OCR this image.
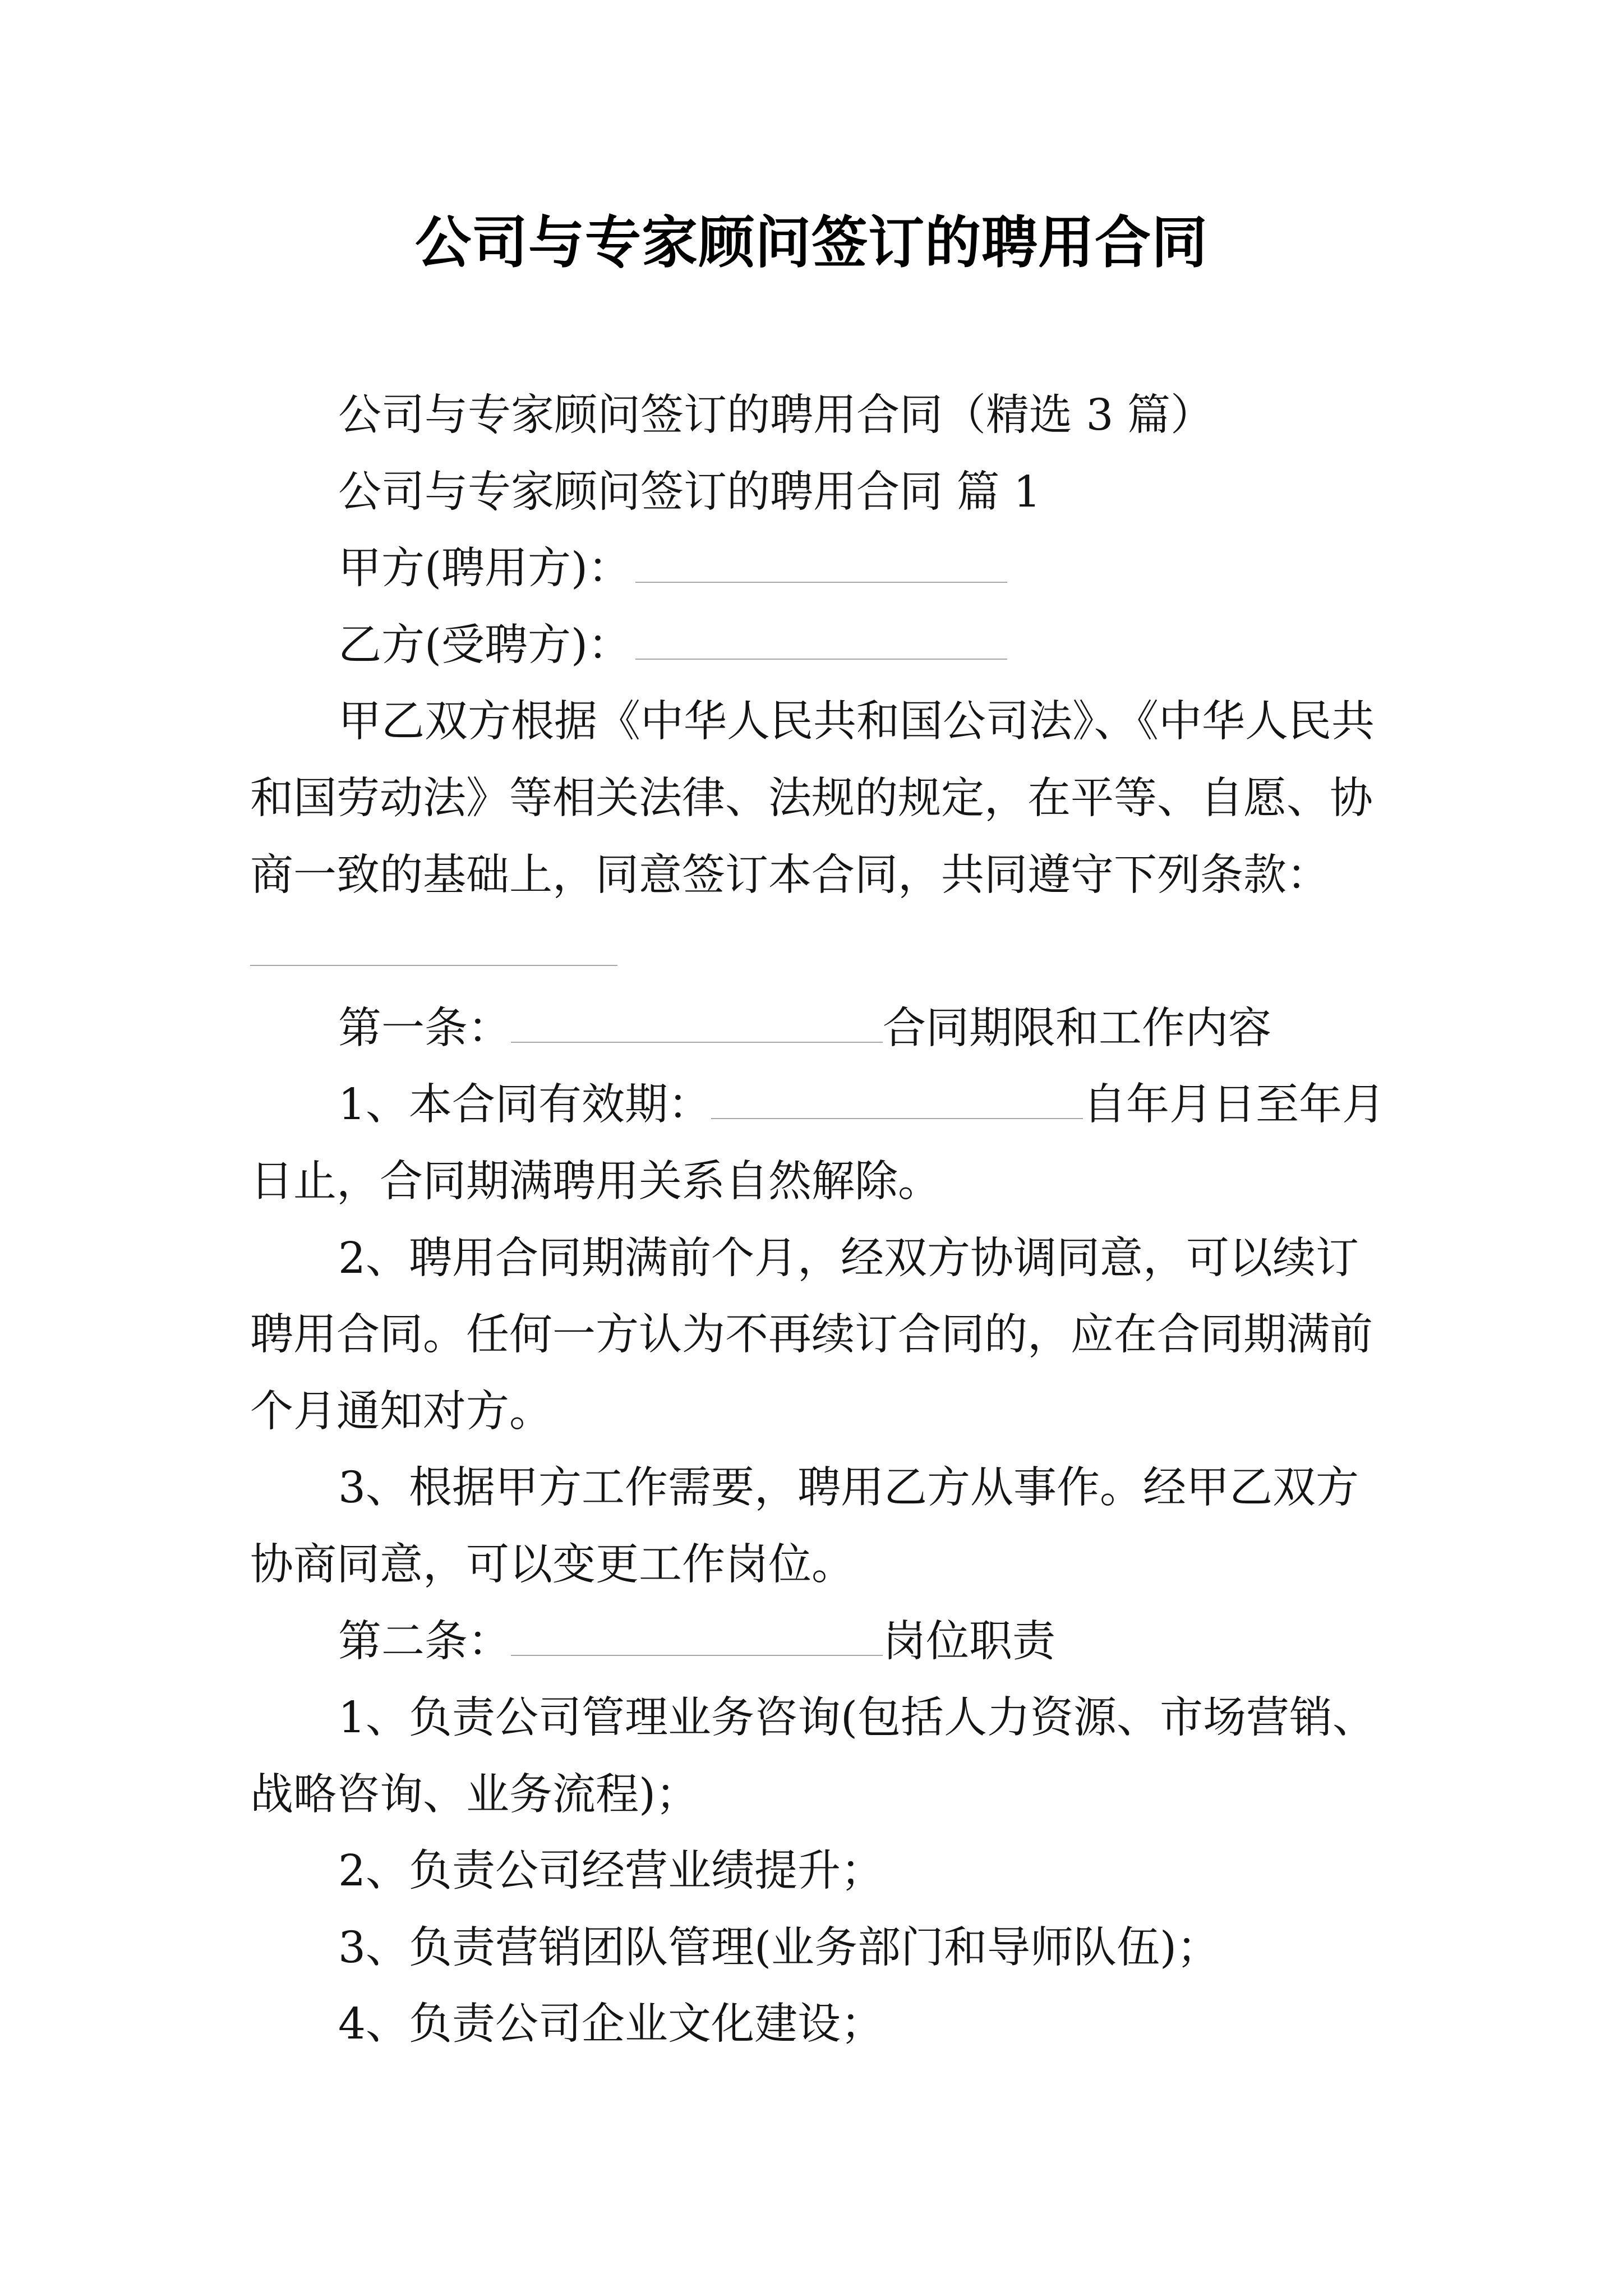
公司与专家顾问签订的聘用合同
公司与专家顾问签订的聘用合同（精选 3 篇）
公司与专家顾问签订的聘用合同 篇 1
甲方(聘用方)：
乙方(受聘方)：
甲乙双方根据《中华人民共和国公司法》、《中华人民共
和国劳动法》等相关法律、法规的规定，在平等、自愿、协
商一致的基础上，同意签订本合同，共同遵守下列条款：
第一条：	合同期限和工作内容
1、本合同有效期：	自年月日至年月
日止，合同期满聘用关系自然解除。
2、聘用合同期满前个月，经双方协调同意，可以续订
聘用合同。任何一方认为不再续订合同的，应在合同期满前
个月通知对方。
3、根据甲方工作需要，聘用乙方从事作。经甲乙双方
协商同意，可以变更工作岗位。
第二条：	岗位职责
1、负责公司管理业务咨询(包括人力资源、市场营销、
战略咨询、业务流程)；
2、负责公司经营业绩提升；
3、负责营销团队管理(业务部门和导师队伍)；
4、负责公司企业文化建设；
